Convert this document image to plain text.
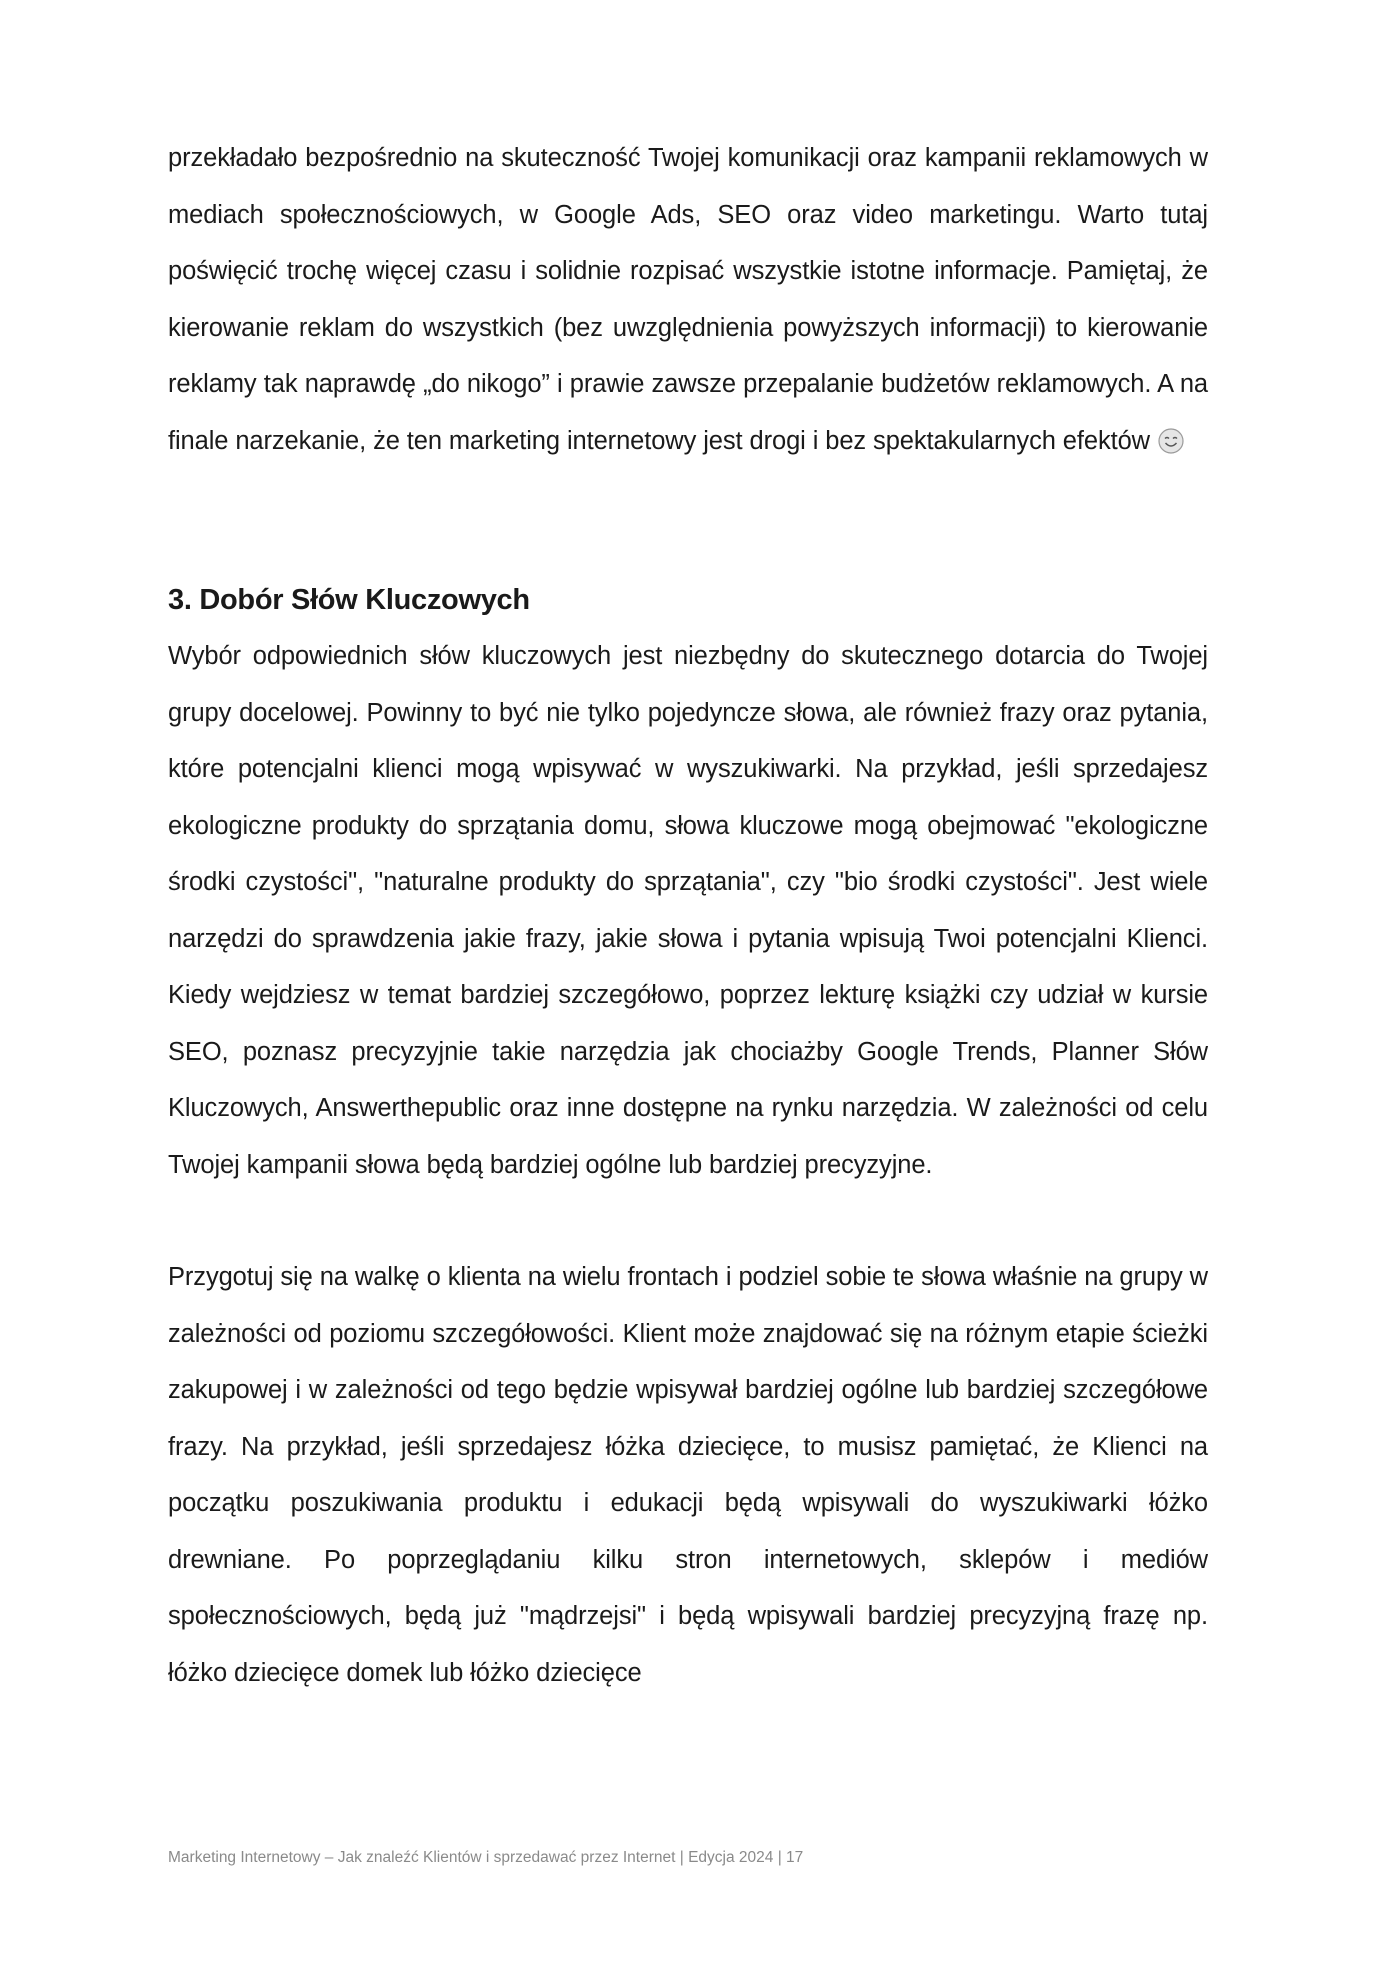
przekładało bezpośrednio na skuteczność Twojej komunikacji oraz kampanii reklamowych w mediach społecznościowych, w Google Ads, SEO oraz video marketingu. Warto tutaj poświęcić trochę więcej czasu i solidnie rozpisać wszystkie istotne informacje. Pamiętaj, że kierowanie reklam do wszystkich (bez uwzględnienia powyższych informacji) to kierowanie reklamy tak naprawdę „do nikogo” i prawie zawsze przepalanie budżetów reklamowych. A na finale narzekanie, że ten marketing internetowy jest drogi i bez spektakularnych efektów

3. Dobór Słów Kluczowych

Wybór odpowiednich słów kluczowych jest niezbędny do skutecznego dotarcia do Twojej grupy docelowej. Powinny to być nie tylko pojedyncze słowa, ale również frazy oraz pytania, które potencjalni klienci mogą wpisywać w wyszukiwarki. Na przykład, jeśli sprzedajesz ekologiczne produkty do sprzątania domu, słowa kluczowe mogą obejmować "ekologiczne środki czystości", "naturalne produkty do sprzątania", czy "bio środki czystości". Jest wiele narzędzi do sprawdzenia jakie frazy, jakie słowa i pytania wpisują Twoi potencjalni Klienci. Kiedy wejdziesz w temat bardziej szczegółowo, poprzez lekturę książki czy udział w kursie SEO, poznasz precyzyjnie takie narzędzia jak chociażby Google Trends, Planner Słów Kluczowych, Answerthepublic oraz inne dostępne na rynku narzędzia. W zależności od celu Twojej kampanii słowa będą bardziej ogólne lub bardziej precyzyjne.

Przygotuj się na walkę o klienta na wielu frontach i podziel sobie te słowa właśnie na grupy w zależności od poziomu szczegółowości. Klient może znajdować się na różnym etapie ścieżki zakupowej i w zależności od tego będzie wpisywał bardziej ogólne lub bardziej szczegółowe frazy. Na przykład, jeśli sprzedajesz łóżka dziecięce, to musisz pamiętać, że Klienci na początku poszukiwania produktu i edukacji będą wpisywali do wyszukiwarki łóżko drewniane. Po poprzeglądaniu kilku stron internetowych, sklepów i mediów społecznościowych, będą już "mądrzejsi" i będą wpisywali bardziej precyzyjną frazę np. łóżko dziecięce domek lub łóżko dziecięce

Marketing Internetowy – Jak znaleźć Klientów i sprzedawać przez Internet | Edycja 2024 | 17
